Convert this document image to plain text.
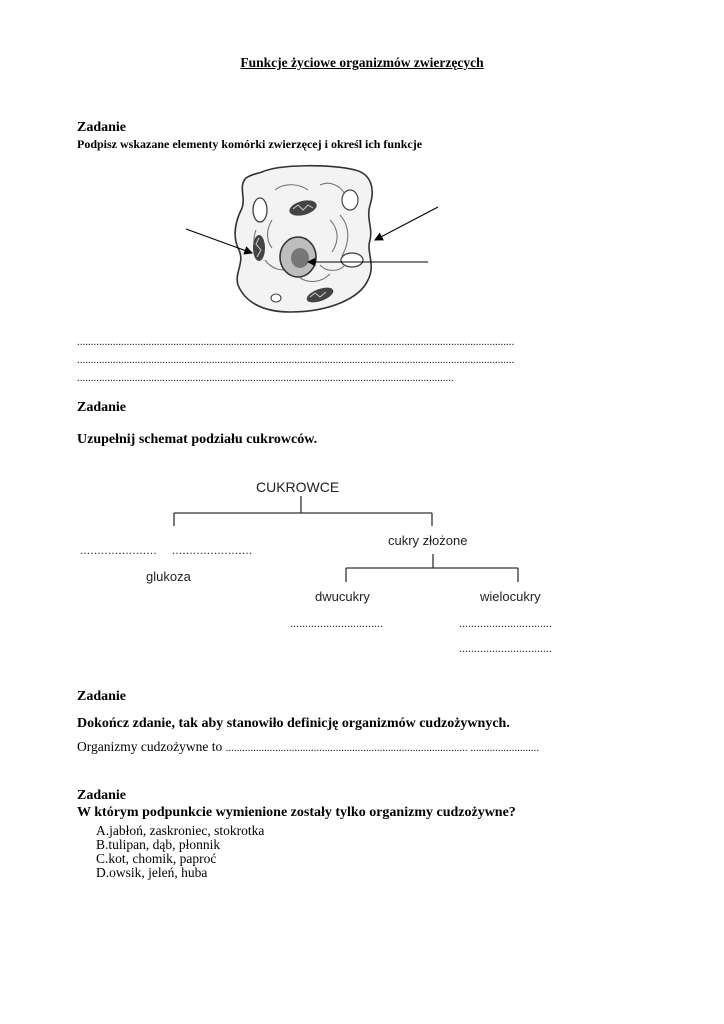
Funkcje życiowe organizmów zwierzęcych
Zadanie
Podpisz wskazane elementy komórki zwierzęcej i określ ich funkcje
...............................................................................................................................................................
...............................................................................................................................................................
.........................................................................................................................................
Zadanie
Uzupełnij schemat podziału cukrowców.
CUKROWCE
...................... .......................
glukoza
cukry złożone
dwucukry	wielocukry
...............................	...............................
...............................
Zadanie
Dokończ zdanie, tak aby stanowiło definicję organizmów cudzożywnych.
Organizmy cudzożywne to ........................................................................................ .........................
Zadanie
W którym podpunkcie wymienione zostały tylko organizmy cudzożywne?
A.jabłoń, zaskroniec, stokrotka
B.tulipan, dąb, płonnik
C.kot, chomik, paproć
D.owsik, jeleń, huba
